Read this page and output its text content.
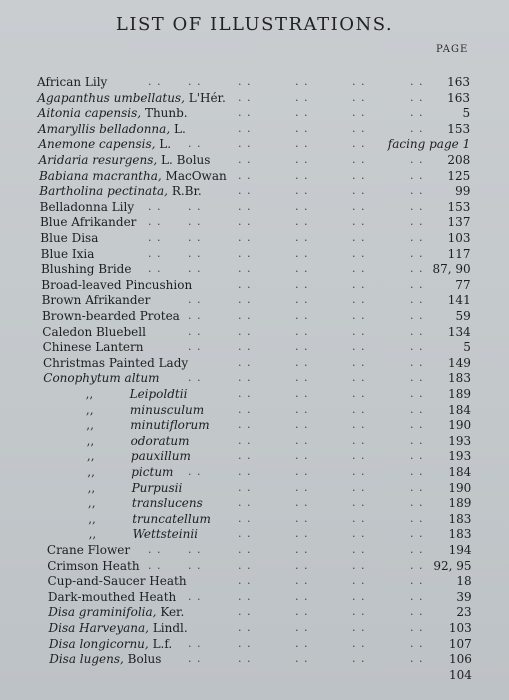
LIST OF ILLUSTRATIONS.
PAGE
African Lily	. . . .	. .	. .	. .	. . 163
Agapanthus umbellatus, L'Hér. . .	. .	. .	. . 163
Aitonia capensis, Thunb.	. .	. .	. .	. .	5
Amaryllis belladonna, L.	. .	. .	. .	. . 153
Anemone capensis, L. . .	. .	. .	. . facing page 1
Aridaria resurgens, L. Bolus	. .	. .	. .	. . 208
Babiana macrantha, MacOwan . .	. .	. .	. . 125
Bartholina pectinata, R.Br.	. .	. .	. .	. .	99
Belladonna Lily . . . .	. .	. .	. .	. . 153
Blue Afrikander . . . .	. .	. .	. .	. . 137
Blue Disa	. . . .	. .	. .	. .	. . 103
Blue Ixia	. . . .	. .	. .	. .	. . 117
Blushing Bride . . . .	. .	. .	. .	. . 87, 90
Broad-leaved Pincushion	. .	. .	. .	. .	77
Brown Afrikander	. .	. .	. .	. .	. . 141
Brown-bearded Protea . .	. .	. .	. .	. .	59
Caledon Bluebell	. .	. .	. .	. .	. . 134
Chinese Lantern	. .	. .	. .	. .	. .	5
Christmas Painted Lady	. .	. .	. .	. . 149
Conophytum altum	. .	. .	. .	. .	. . 183
,,	Leipoldtii	. .	. .	. .	. . 189
,,	minusculum	. .	. .	. .	. . 184
,,	minutiflorum	. .	. .	. .	. . 190
,,	odoratum	. .	. .	. .	. . 193
,,	pauxillum	. .	. .	. .	. . 193
,,	pictum . .	. .	. .	. .	. . 184
,,	Purpusii	. .	. .	. .	. . 190
,,	translucens	. .	. .	. .	. . 189
,,	truncatellum . .	. .	. .	. . 183
,,	Wettsteinii	. .	. .	. .	. . 183
Crane Flower . . . .	. .	. .	. .	. . 194
Crimson Heath . . . .	. .	. .	. .	. . 92, 95
Cup-and-Saucer Heath	. .	. .	. .	. .	18
Dark-mouthed Heath . .	. .	. .	. .	. .	39
Disa graminifolia, Ker.	. .	. .	. .	. .	23
Disa Harveyana, Lindl.	. .	. .	. .	. . 103
Disa longicornu, L.f. . .	. .	. .	. .	. . 107
Disa lugens, Bolus . .	. .	. .	. .	. . 106
104
